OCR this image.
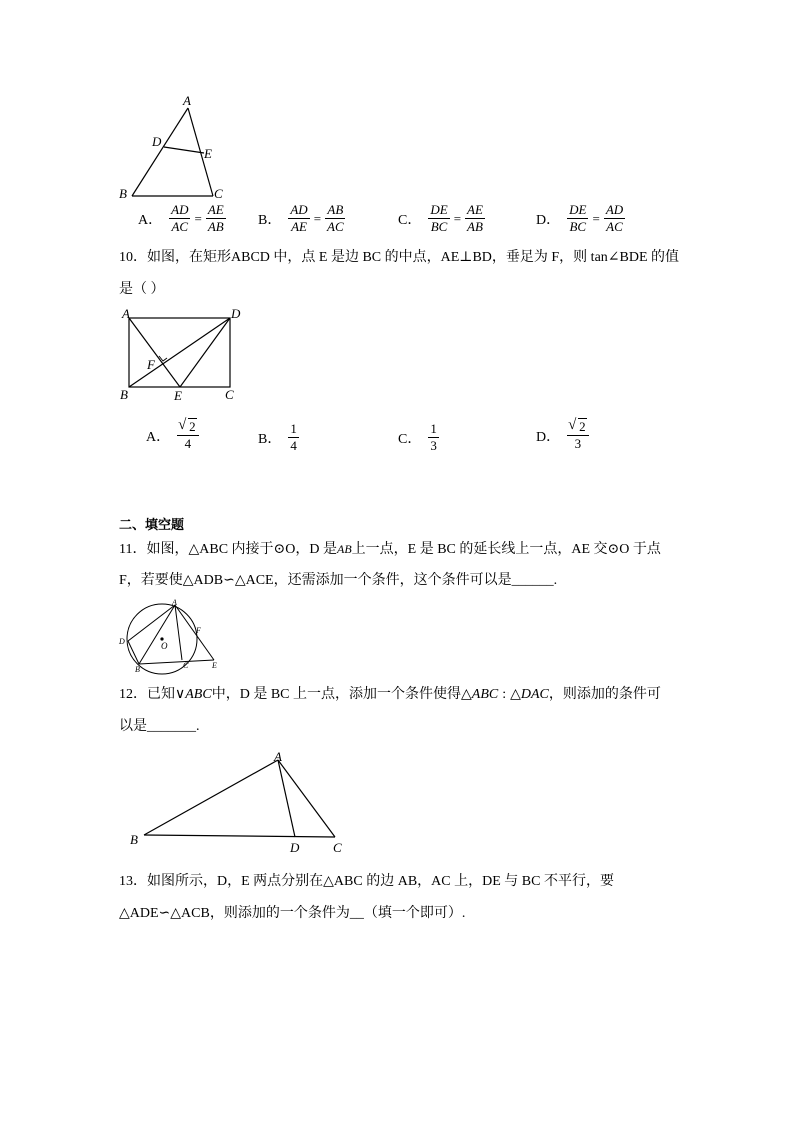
A
D
E
B	C
A． $\frac{AD}{AC} = \frac{AE}{AB}$ B． $\frac{AD}{AE} = \frac{AB}{AC}$	C． $\frac{DE}{BC} = \frac{AE}{AB}$	D． $\frac{DE}{BC} = \frac{AD}{AC}$
10．如图，在矩形ABCD 中，点 E 是边 BC 的中点，AE⊥BD，垂足为 F，则 tan∠BDE 的值
是（ ）
A	D
F
B	E	C
A． √ $\frac{2}{4}$	B． $\frac{1}{4}$	C． $\frac{1}{3}$	D． √ $\frac{2}{3}$
二、填空题
11．如图，△ABC 内接于⊙O，D 是AB上一点，E 是 BC 的延长线上一点，AE 交⊙O 于点
F，若要使△ADB∽△ACE，还需添加一个条件，这个条件可以是______.
A
D
F
O
B	C	E
12．已知∨ABC中，D 是 BC 上一点，添加一个条件使得△ABC : △DAC，则添加的条件可
以是_______.
A
B
D	C
13．如图所示，D，E 两点分别在△ABC 的边 AB，AC 上，DE 与 BC 不平行，要
△ADE∽△ACB，则添加的一个条件为__（填一个即可）.
